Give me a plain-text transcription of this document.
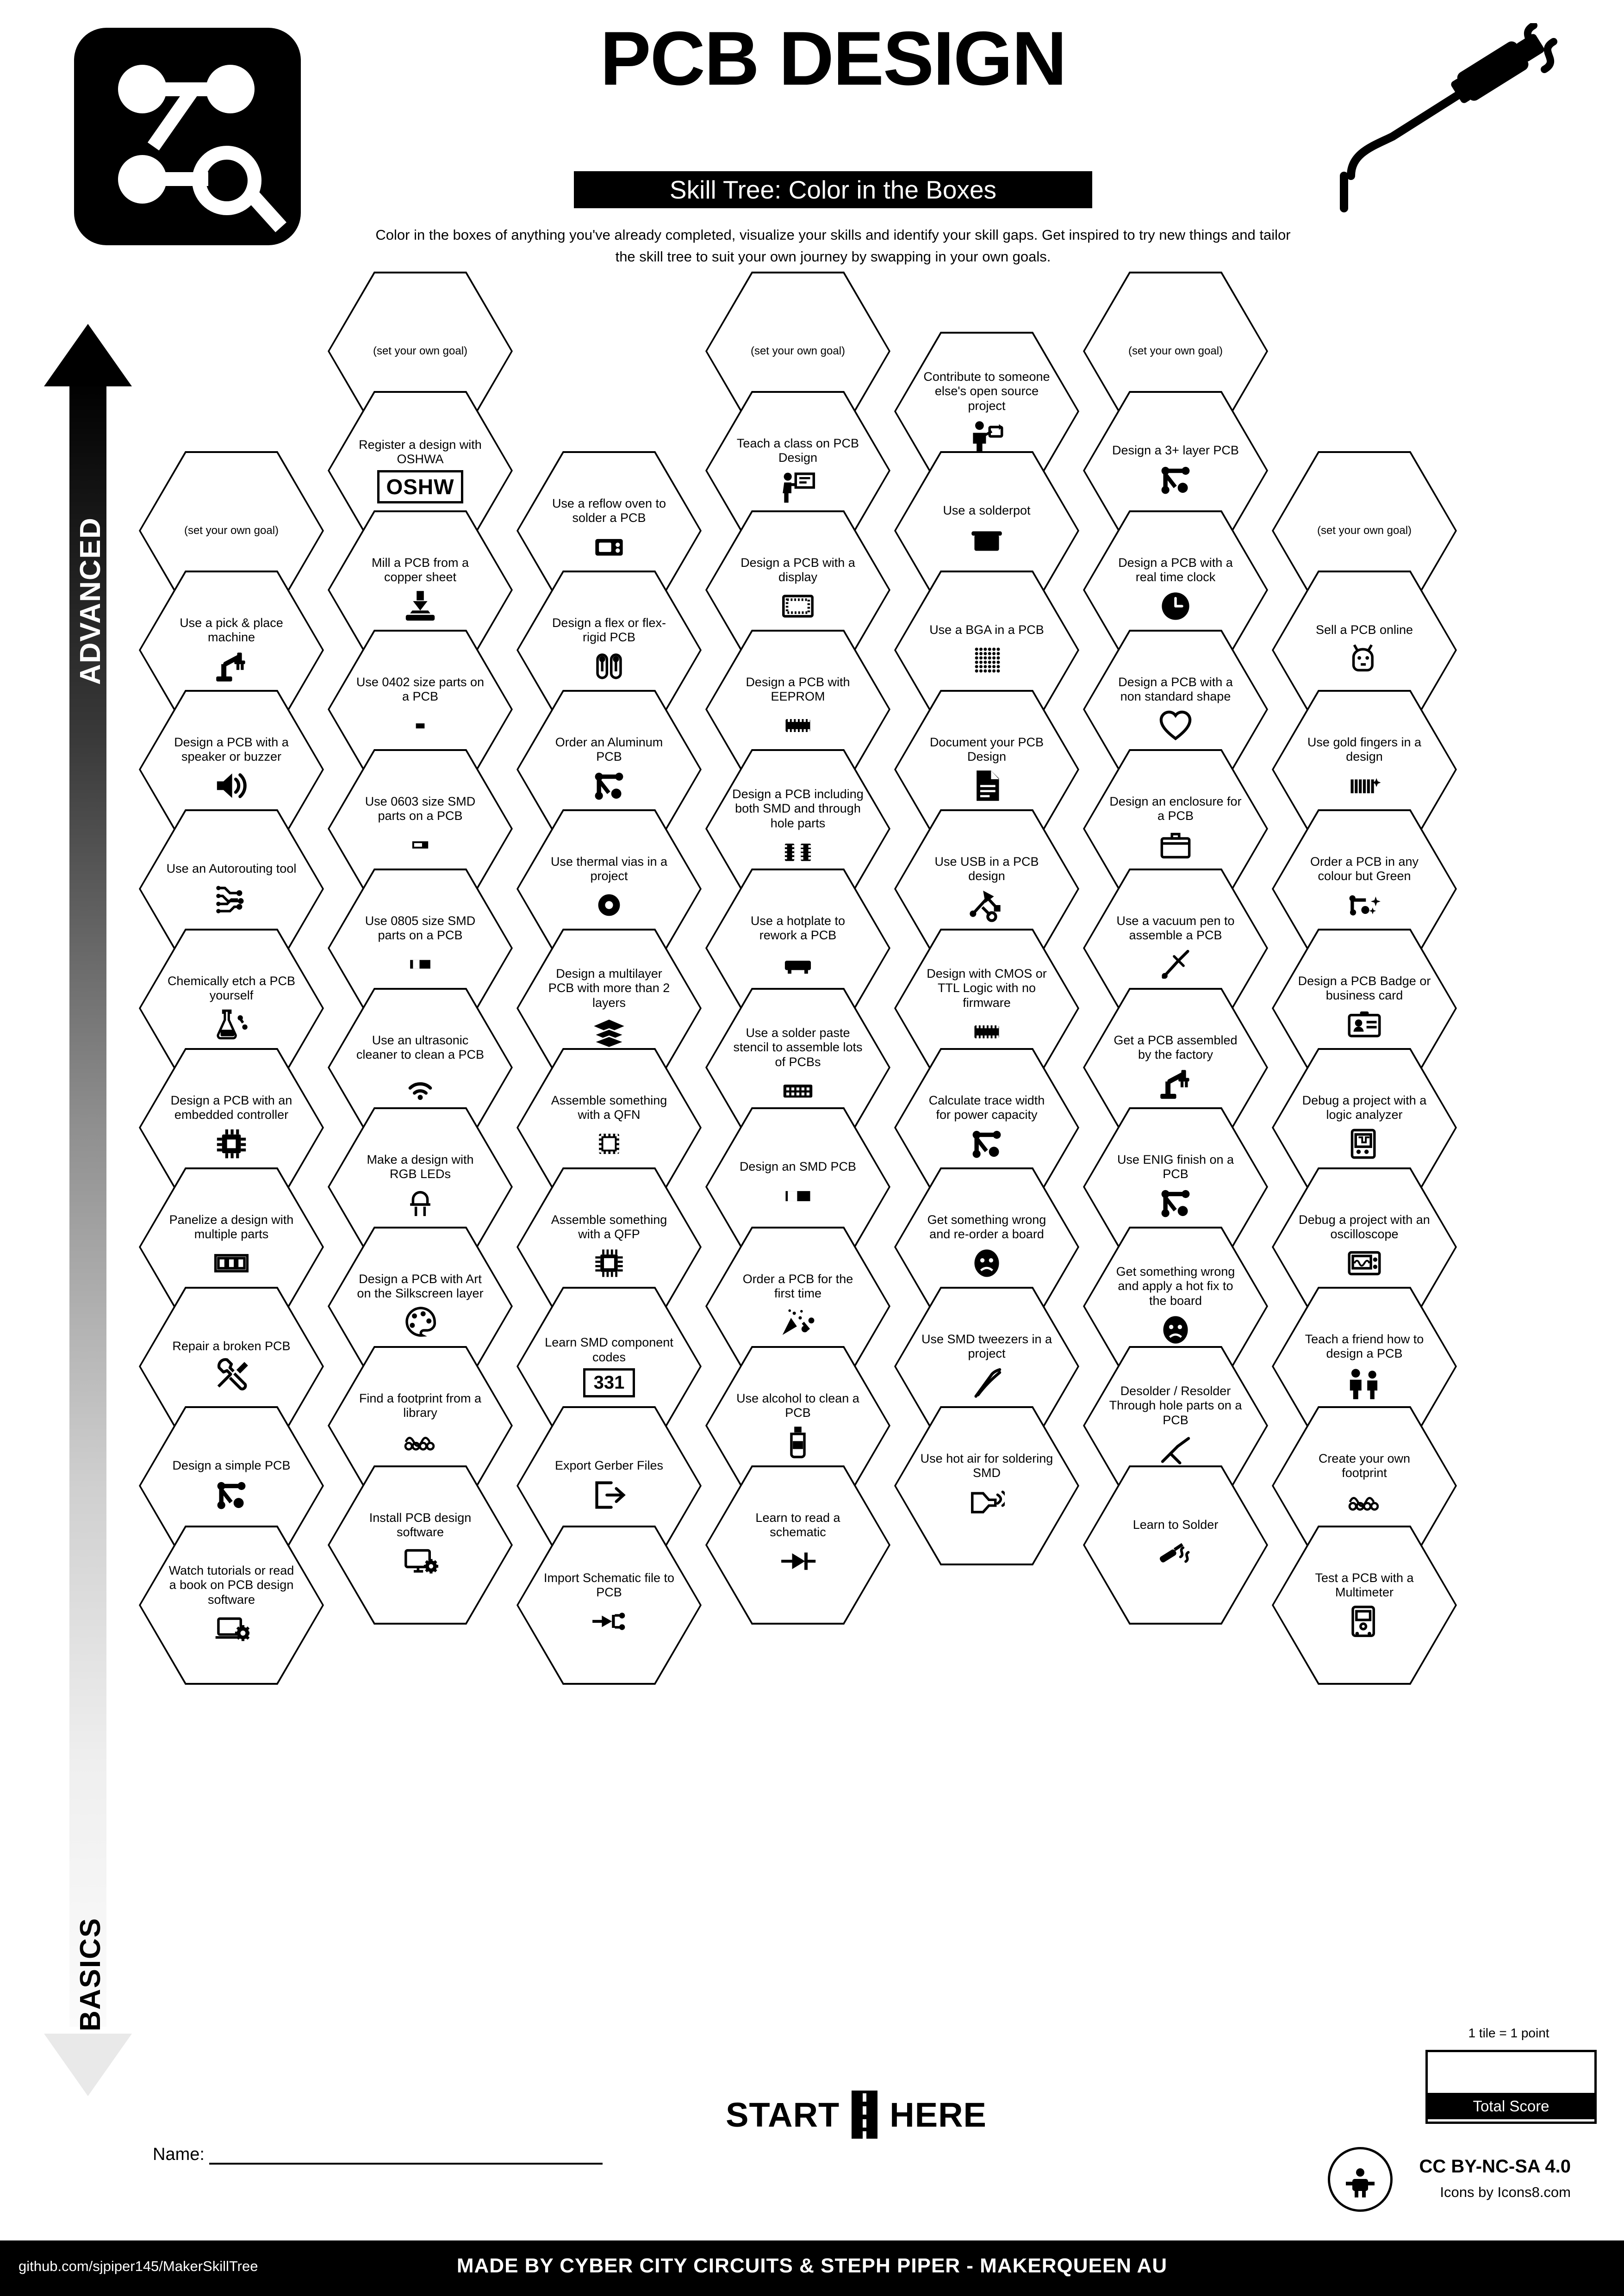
PCB DESIGN
Skill Tree: Color in the Boxes
Color in the boxes of anything you've already completed, visualize your skills and identify your skill gaps. Get inspired to try new things and tailor the skill tree to suit your own journey by swapping in your own goals.
ADVANCED
BASICS
(set your own goal)
Use a pick & place machine
Design a PCB with a speaker or buzzer
Use an Autorouting tool
Chemically etch a PCB yourself
Design a PCB with an embedded controller
Panelize a design with multiple parts
Repair a broken PCB
Design a simple PCB
Watch tutorials or read a book on PCB design software
(set your own goal)
Register a design with OSHWA
OSHW
Mill a PCB from a copper sheet
Use 0402 size parts on a PCB
Use 0603 size SMD parts on a PCB
Use 0805 size SMD parts on a PCB
Use an ultrasonic cleaner to clean a PCB
Make a design with RGB LEDs
Design a PCB with Art on the Silkscreen layer
Find a footprint from a library
Install PCB design software
Use a reflow oven to solder a PCB
Design a flex or flex-rigid PCB
Order an Aluminum PCB
Use thermal vias in a project
Design a multilayer PCB with more than 2 layers
Assemble something with a QFN
Assemble something with a QFP
Learn SMD component codes
331
Export Gerber Files
Import Schematic file to PCB
(set your own goal)
Teach a class on PCB Design
Design a PCB with a display
Design a PCB with EEPROM
Design a PCB including both SMD and through hole parts
Use a hotplate to rework a PCB
Use a solder paste stencil to assemble lots of PCBs
Design an SMD PCB
Order a PCB for the first time
Use alcohol to clean a PCB
Learn to read a schematic
Contribute to someone else's open source project
Use a solderpot
Use a BGA in a PCB
Document your PCB Design
Use USB in a PCB design
Design with CMOS or TTL Logic with no firmware
Calculate trace width for power capacity
Get something wrong and re-order a board
Use SMD tweezers in a project
Use hot air for soldering SMD
(set your own goal)
Design a 3+ layer PCB
Design a PCB with a real time clock
Design a PCB with a non standard shape
Design an enclosure for a PCB
Use a vacuum pen to assemble a PCB
Get a PCB assembled by the factory
Use ENIG finish on a PCB
Get something wrong and apply a hot fix to the board
Desolder / Resolder Through hole parts on a PCB
Learn to Solder
(set your own goal)
Sell a PCB online
Use gold fingers in a design
Order a PCB in any colour but Green
Design a PCB Badge or business card
Debug a project with a logic analyzer
Debug a project with an oscilloscope
Teach a friend how to design a PCB
Create your own footprint
Test a PCB with a Multimeter
START HERE
1 tile = 1 point
Total Score
Name:
CC BY-NC-SA 4.0
Icons by Icons8.com
github.com/sjpiper145/MakerSkillTree	MADE BY CYBER CITY CIRCUITS & STEPH PIPER - MAKERQUEEN AU
